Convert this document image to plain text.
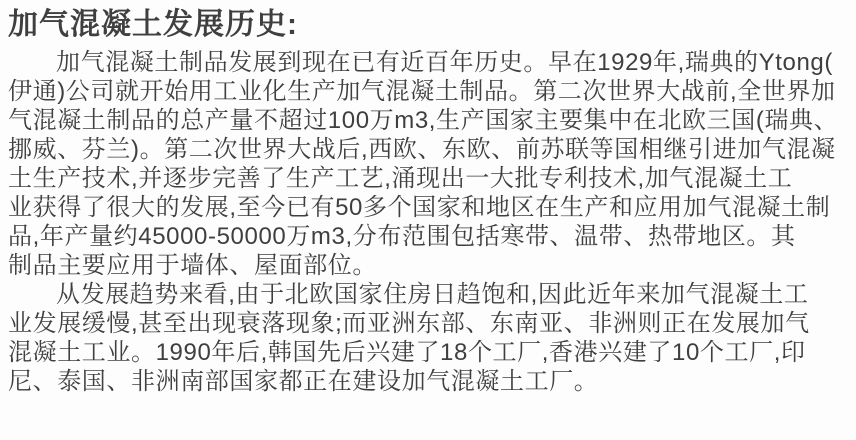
加气混凝土发展历史:
加气混凝土制品发展到现在已有近百年历史。早在1929年,瑞典的Ytong(
伊通)公司就开始用工业化生产加气混凝土制品。第二次世界大战前,全世界加
气混凝土制品的总产量不超过100万m3,生产国家主要集中在北欧三国(瑞典、
挪威、芬兰)。第二次世界大战后,西欧、东欧、前苏联等国相继引进加气混凝
土生产技术,并逐步完善了生产工艺,涌现出一大批专利技术,加气混凝土工
业获得了很大的发展,至今已有50多个国家和地区在生产和应用加气混凝土制
品,年产量约45000-50000万m3,分布范围包括寒带、温带、热带地区。其
制品主要应用于墙体、屋面部位。
从发展趋势来看,由于北欧国家住房日趋饱和,因此近年来加气混凝土工
业发展缓慢,甚至出现衰落现象;而亚洲东部、东南亚、非洲则正在发展加气
混凝土工业。1990年后,韩国先后兴建了18个工厂,香港兴建了10个工厂,印
尼、泰国、非洲南部国家都正在建设加气混凝土工厂。
